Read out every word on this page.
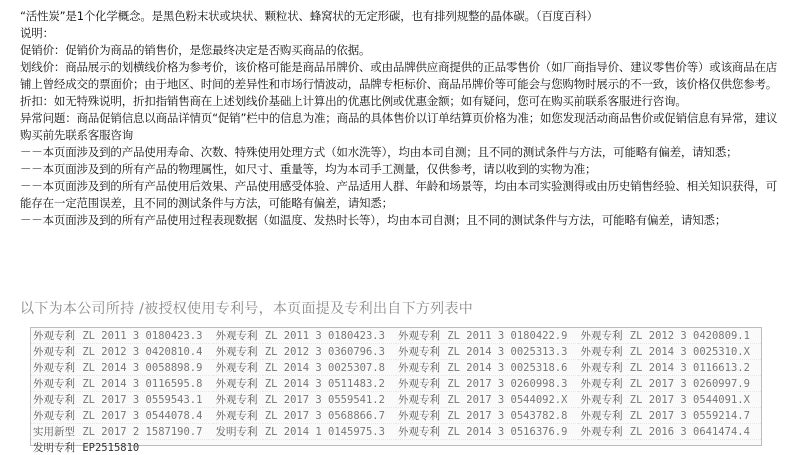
“活性炭”是1个化学概念。是黑色粉末状或块状、颗粒状、蜂窝状的无定形碳，也有排列规整的晶体碳。（百度百科）

说明：

促销价：促销价为商品的销售价，是您最终决定是否购买商品的依据。

划线价：商品展示的划横线价格为参考价，该价格可能是商品吊牌价、或由品牌供应商提供的正品零售价（如厂商指导价、建议零售价等）或该商品在店铺上曾经成交的票面价；由于地区、时间的差异性和市场行情波动，品牌专柜标价、商品吊牌价等可能会与您购物时展示的不一致，该价格仅供您参考。

折扣：如无特殊说明，折扣指销售商在上述划线价基础上计算出的优惠比例或优惠金额；如有疑问，您可在购买前联系客服进行咨询。

异常问题：商品促销信息以商品详情页“促销”栏中的信息为准；商品的具体售价以订单结算页价格为准；如您发现活动商品售价或促销信息有异常，建议购买前先联系客服咨询

－－本页面涉及到的产品使用寿命、次数、特殊使用处理方式（如水洗等），均由本司自测；且不同的测试条件与方法，可能略有偏差，请知悉；

－－本页面涉及到的所有产品的物理属性，如尺寸、重量等，均为本司手工测量，仅供参考，请以收到的实物为准；

－－本页面涉及到的所有产品使用后效果、产品使用感受体验、产品适用人群、年龄和场景等，均由本司实验测得或由历史销售经验、相关知识获得，可能存在一定范围误差，且不同的测试条件与方法，可能略有偏差，请知悉；

－－本页面涉及到的所有产品使用过程表现数据（如温度、发热时长等），均由本司自测；且不同的测试条件与方法，可能略有偏差，请知悉；

以下为本公司所持 /被授权使用专利号，本页面提及专利出自下方列表中
外观专利	ZL 2011 3 0180423.3	外观专利	ZL 2011 3 0180423.3	外观专利	ZL 2011 3 0180422.9	外观专利	ZL 2012 3 0420809.1
外观专利	ZL 2012 3 0420810.4	外观专利	ZL 2012 3 0360796.3	外观专利	ZL 2014 3 0025313.3	外观专利	ZL 2014 3 0025310.X
外观专利	ZL 2014 3 0058898.9	外观专利	ZL 2014 3 0025307.8	外观专利	ZL 2014 3 0025318.6	外观专利	ZL 2014 3 0116613.2
外观专利	ZL 2014 3 0116595.8	外观专利	ZL 2014 3 0511483.2	外观专利	ZL 2017 3 0260998.3	外观专利	ZL 2017 3 0260997.9
外观专利	ZL 2017 3 0559543.1	外观专利	ZL 2017 3 0559541.2	外观专利	ZL 2017 3 0544092.X	外观专利	ZL 2017 3 0544091.X
外观专利	ZL 2017 3 0544078.4	外观专利	ZL 2017 3 0568866.7	外观专利	ZL 2017 3 0543782.8	外观专利	ZL 2017 3 0559214.7
实用新型	ZL 2017 2 1587190.7	发明专利	ZL 2014 1 0145975.3	外观专利	ZL 2014 3 0516376.9	外观专利	ZL 2016 3 0641474.4
发明专利	EP2515810						
